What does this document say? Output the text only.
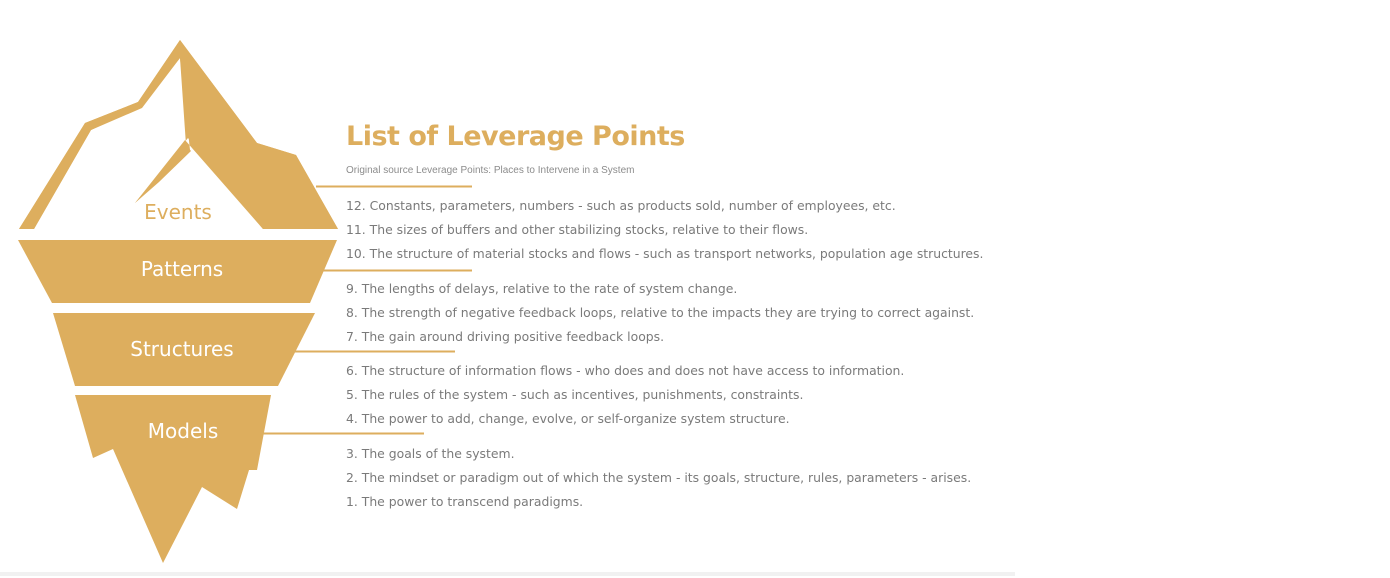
Events
Patterns
Structures
Models
List of Leverage Points
Original source Leverage Points: Places to Intervene in a System
12. Constants, parameters, numbers - such as products sold, number of employees, etc.
11. The sizes of buffers and other stabilizing stocks, relative to their flows.
10. The structure of material stocks and flows - such as transport networks, population age structures.
9. The lengths of delays, relative to the rate of system change.
8. The strength of negative feedback loops, relative to the impacts they are trying to correct against.
7. The gain around driving positive feedback loops.
6. The structure of information flows - who does and does not have access to information.
5. The rules of the system - such as incentives, punishments, constraints.
4. The power to add, change, evolve, or self-organize system structure.
3. The goals of the system.
2. The mindset or paradigm out of which the system - its goals, structure, rules, parameters - arises.
1. The power to transcend paradigms.
